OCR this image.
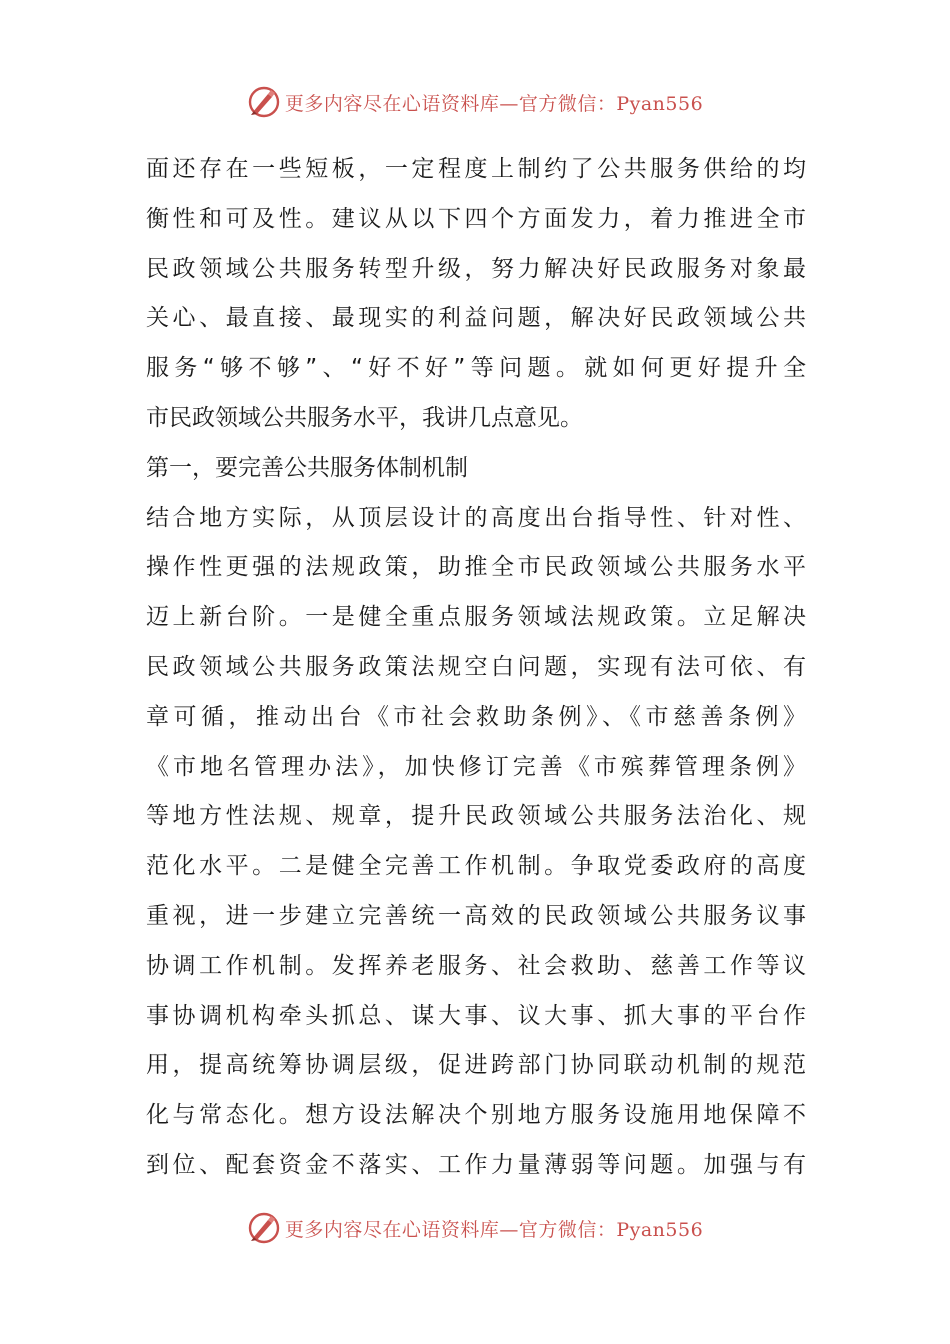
更多内容尽在心语资料库—官方微信：Pyan556
面还存在一些短板，一定程度上制约了公共服务供给的均
衡性和可及性。建议从以下四个方面发力，着力推进全市
民政领域公共服务转型升级，努力解决好民政服务对象最
关心、最直接、最现实的利益问题，解决好民政领域公共
服务“够不够”、“好不好”等问题。就如何更好提升全
市民政领域公共服务水平，我讲几点意见。
第一，要完善公共服务体制机制
结合地方实际，从顶层设计的高度出台指导性、针对性、
操作性更强的法规政策，助推全市民政领域公共服务水平
迈上新台阶。一是健全重点服务领域法规政策。立足解决
民政领域公共服务政策法规空白问题，实现有法可依、有
章可循，推动出台《市社会救助条例》、《市慈善条例》
《市地名管理办法》，加快修订完善《市殡葬管理条例》
等地方性法规、规章，提升民政领域公共服务法治化、规
范化水平。二是健全完善工作机制。争取党委政府的高度
重视，进一步建立完善统一高效的民政领域公共服务议事
协调工作机制。发挥养老服务、社会救助、慈善工作等议
事协调机构牵头抓总、谋大事、议大事、抓大事的平台作
用，提高统筹协调层级，促进跨部门协同联动机制的规范
化与常态化。想方设法解决个别地方服务设施用地保障不
到位、配套资金不落实、工作力量薄弱等问题。加强与有
更多内容尽在心语资料库—官方微信：Pyan556
